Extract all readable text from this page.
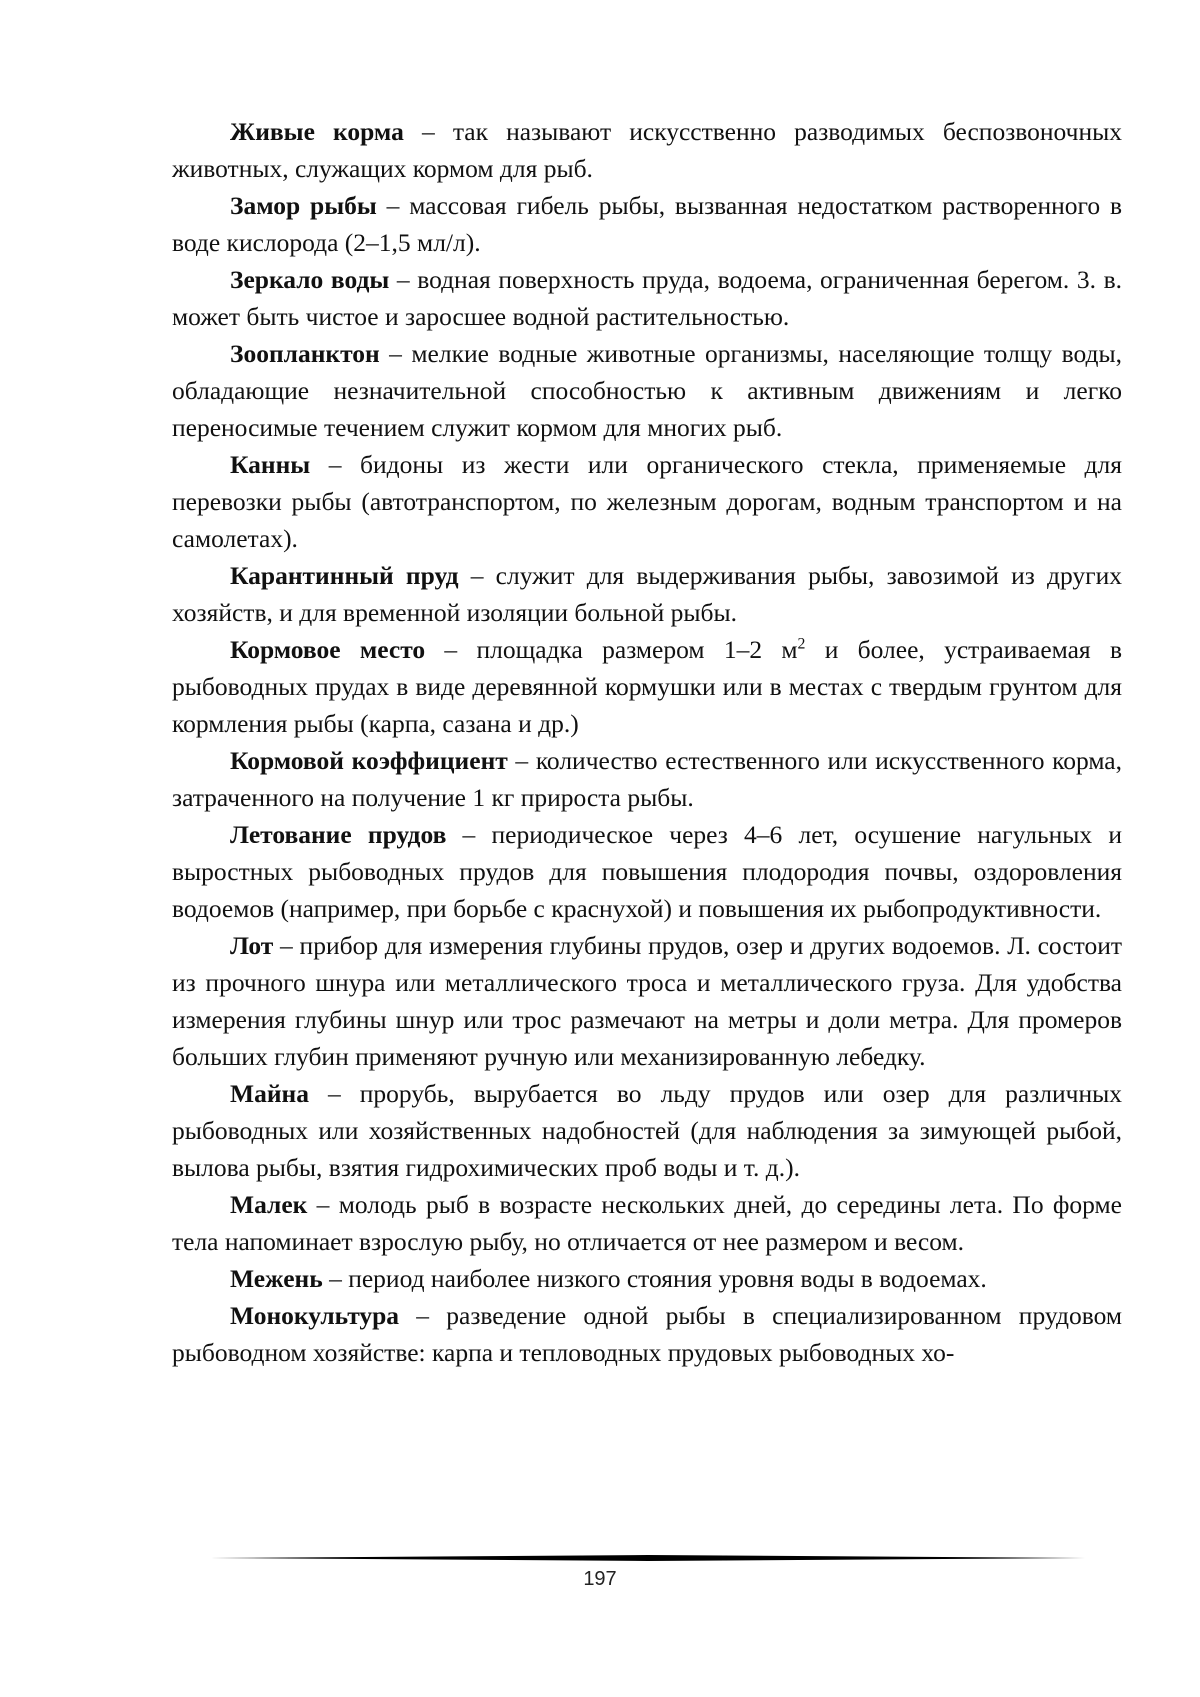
Живые корма – так называют искусственно разводимых беспозвоночных животных, служащих кормом для рыб.

Замор рыбы – массовая гибель рыбы, вызванная недостатком растворенного в воде кислорода (2–1,5 мл/л).

Зеркало воды – водная поверхность пруда, водоема, ограниченная берегом. 3. в. может быть чистое и заросшее водной растительностью.

Зоопланктон – мелкие водные животные организмы, населяющие толщу воды, обладающие незначительной способностью к активным движениям и легко переносимые течением служит кормом для многих рыб.

Канны – бидоны из жести или органического стекла, применяемые для перевозки рыбы (автотранспортом, по железным дорогам, водным транспортом и на самолетах).

Карантинный пруд – служит для выдерживания рыбы, завозимой из других хозяйств, и для временной изоляции больной рыбы.

Кормовое место – площадка размером 1–2 $м^2$ и более, устраиваемая в рыбоводных прудах в виде деревянной кормушки или в местах с твердым грунтом для кормления рыбы (карпа, сазана и др.)

Кормовой коэффициент – количество естественного или искусственного корма, затраченного на получение 1 кг прироста рыбы.

Летование прудов – периодическое через 4–6 лет, осушение нагульных и выростных рыбоводных прудов для повышения плодородия почвы, оздоровления водоемов (например, при борьбе с краснухой) и повышения их рыбопродуктивности.

Лот – прибор для измерения глубины прудов, озер и других водоемов. Л. состоит из прочного шнура или металлического троса и металлического груза. Для удобства измерения глубины шнур или трос размечают на метры и доли метра. Для промеров больших глубин применяют ручную или механизированную лебедку.

Майна – прорубь, вырубается во льду прудов или озер для различных рыбоводных или хозяйственных надобностей (для наблюдения за зимующей рыбой, вылова рыбы, взятия гидрохимических проб воды и т. д.).

Малек – молодь рыб в возрасте нескольких дней, до середины лета. По форме тела напоминает взрослую рыбу, но отличается от нее размером и весом.

Межень – период наиболее низкого стояния уровня воды в водоемах.

Монокультура – разведение одной рыбы в специализированном прудовом рыбоводном хозяйстве: карпа и тепловодных прудовых рыбоводных хо-

197
